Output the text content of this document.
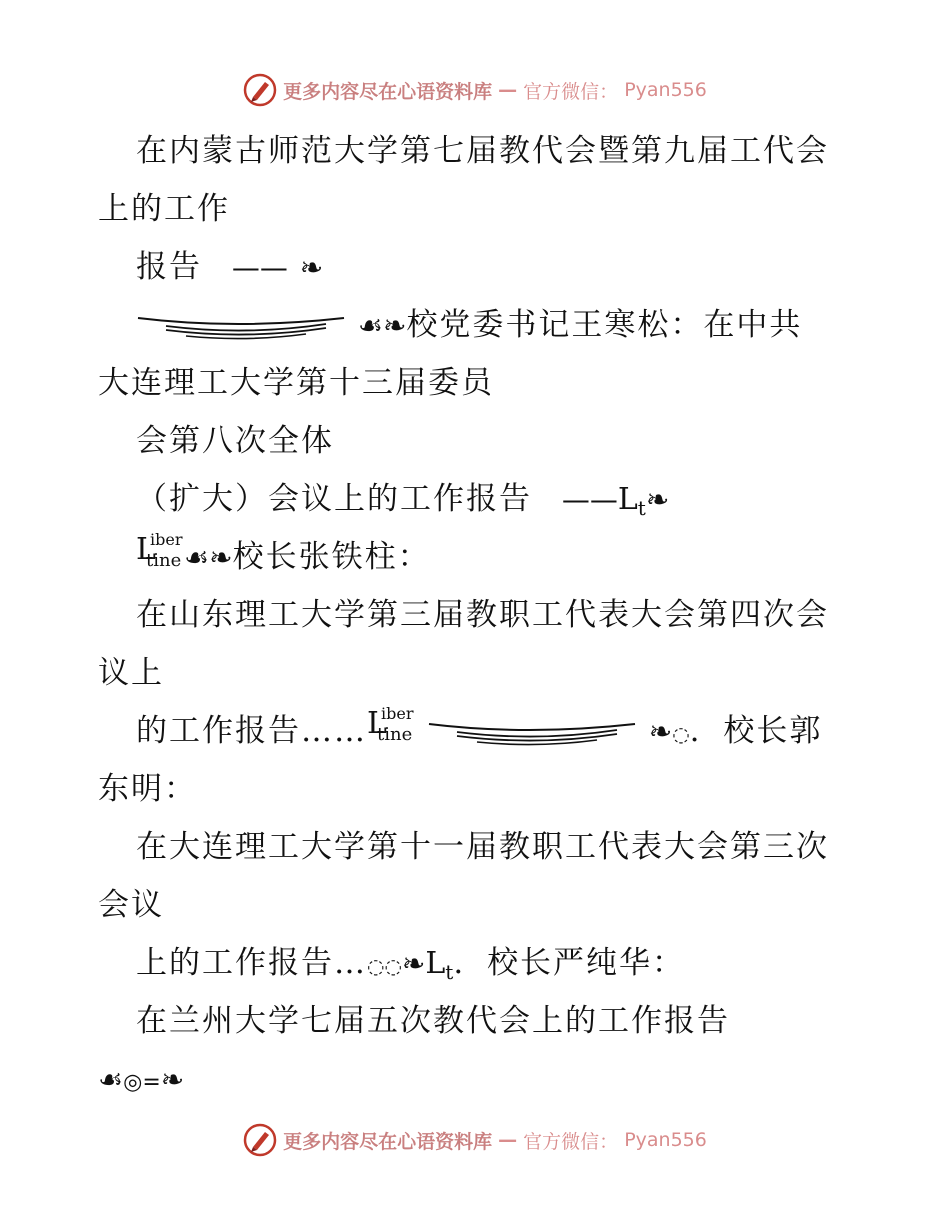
更多内容尽在心语资料库 — 官方微信： Pyan556
在内蒙古师范大学第七届教代会暨第九届工代会
上的工作
报告 —— ❧
☙❧校党委书记王寒松：在中共
大连理工大学第十三届委员
会第八次全体
（扩大）会议上的工作报告 $——L_t❧$
L
iber
tine ☙❧校长张铁柱：
在山东理工大学第三届教职工代表大会第四次会
议上
的工作报告…… L
iber
tine	❧◌. 校长郭
东明：
在大连理工大学第十一届教职工代表大会第三次
会议
上的工作报告$\dots◌◌❧L_t$. 校长严纯华：
在兰州大学七届五次教代会上的工作报告
☙◎=❧
更多内容尽在心语资料库 — 官方微信： Pyan556
